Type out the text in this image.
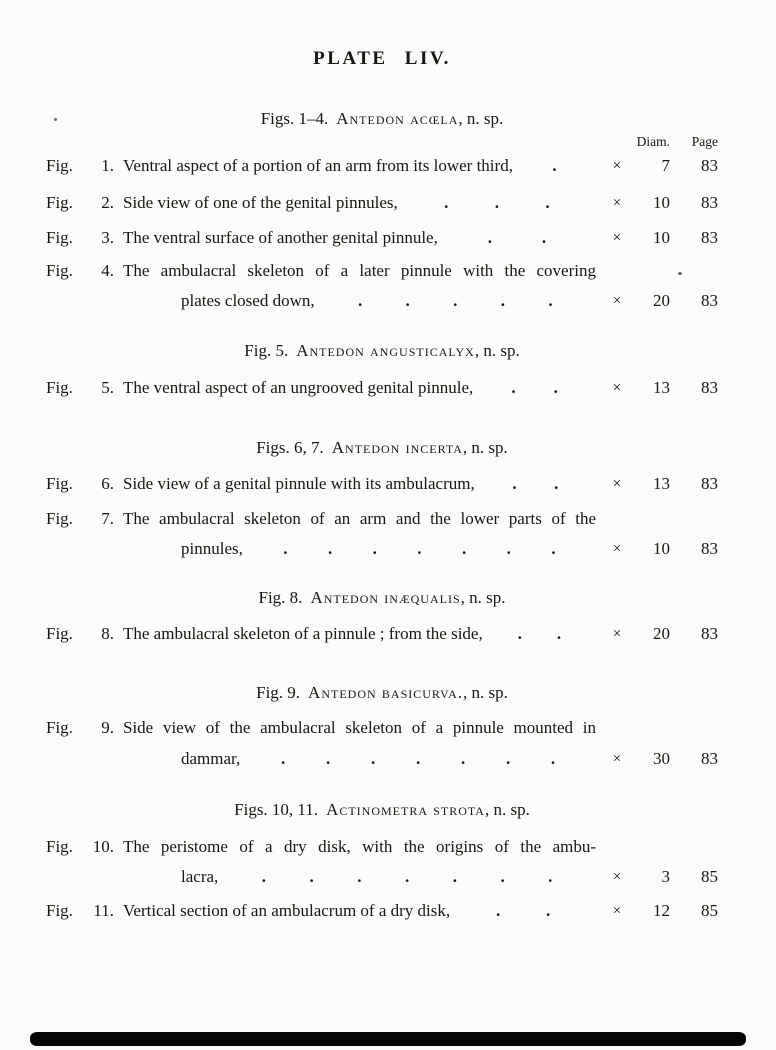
PLATE LIV.
Figs. 1–4. Antedon acœla, n. sp.
Diam.	Page
Fig.	1. Ventral aspect of a portion of an arm from its lower third, .	×	7	83
Fig.	2. Side view of one of the genital pinnules,	.	.	.	×	10	83
Fig.	3. The ventral surface of another genital pinnule,	.	.	×	10	83
Fig.	4. The ambulacral skeleton of a later pinnule with the covering
plates closed down,	.	.	.	.	.	×	20	83
Fig. 5. Antedon angusticalyx, n. sp.
Fig.	5. The ventral aspect of an ungrooved genital pinnule, . .	×	13	83
Figs. 6, 7. Antedon incerta, n. sp.
Fig.	6. Side view of a genital pinnule with its ambulacrum, . .	×	13	83
Fig.	7. The ambulacral skeleton of an arm and the lower parts of the
pinnules, . . . . . . .	×	10	83
Fig. 8. Antedon inæqualis, n. sp.
Fig.	8. The ambulacral skeleton of a pinnule ; from the side, . .	×	20	83
Fig. 9. Antedon basicurva., n. sp.
Fig.	9. Side view of the ambulacral skeleton of a pinnule mounted in
dammar, . . . . . . .	×	30	83
Figs. 10, 11. Actinometra strota, n. sp.
Fig.	10. The peristome of a dry disk, with the origins of the ambu-
lacra,	.	.	.	.	.	.	.	×	3	85
Fig.	11. Vertical section of an ambulacrum of a dry disk,	.	.	×	12	85
